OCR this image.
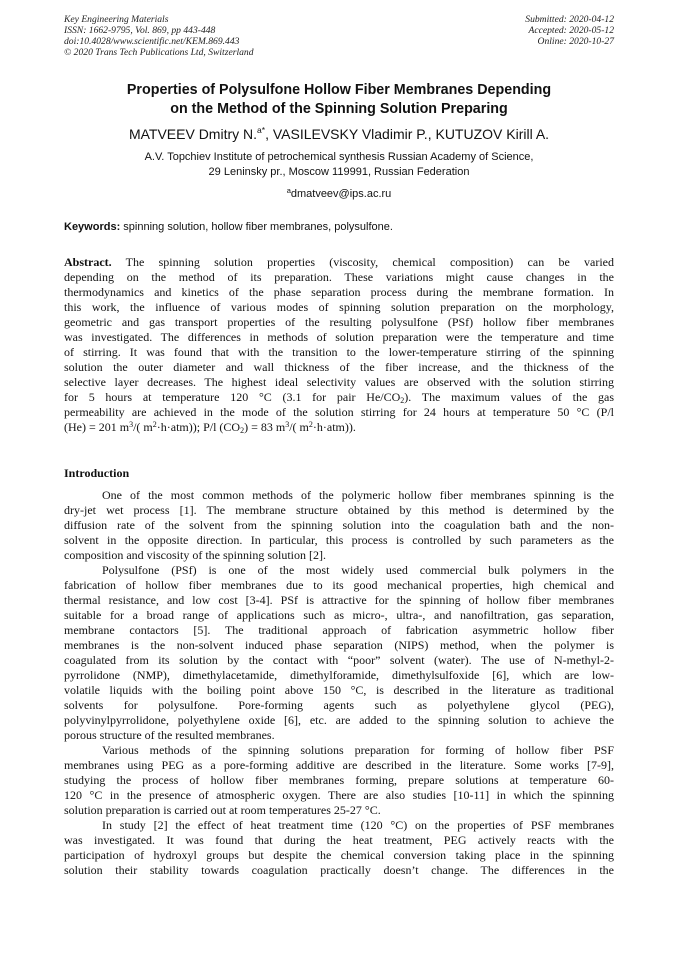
Key Engineering Materials
ISSN: 1662-9795, Vol. 869, pp 443-448
doi:10.4028/www.scientific.net/KEM.869.443
© 2020 Trans Tech Publications Ltd, Switzerland
Submitted: 2020-04-12
Accepted: 2020-05-12
Online: 2020-10-27
Properties of Polysulfone Hollow Fiber Membranes Depending
on the Method of the Spinning Solution Preparing
MATVEEV Dmitry N.$^{a*}$, VASILEVSKY Vladimir P., KUTUZOV Kirill A.
A.V. Topchiev Institute of petrochemical synthesis Russian Academy of Science,
29 Leninsky pr., Moscow 119991, Russian Federation
$^a$dmatveev@ips.ac.ru
Keywords: spinning solution, hollow fiber membranes, polysulfone.
Abstract. The spinning solution properties (viscosity, chemical composition) can be varied
depending on the method of its preparation. These variations might cause changes in the
thermodynamics and kinetics of the phase separation process during the membrane formation. In
this work, the influence of various modes of spinning solution preparation on the morphology,
geometric and gas transport properties of the resulting polysulfone (PSf) hollow fiber membranes
was investigated. The differences in methods of solution preparation were the temperature and time
of stirring. It was found that with the transition to the lower-temperature stirring of the spinning
solution the outer diameter and wall thickness of the fiber increase, and the thickness of the
selective layer decreases. The highest ideal selectivity values are observed with the solution stirring
for 5 hours at temperature 120 °C (3.1 for pair $He/CO_2$). The maximum values of the gas
permeability are achieved in the mode of the solution stirring for 24 hours at temperature 50 °C (P/l
(He) = 201 $m^3/$( $m^2\cdot h\cdot atm$)); P/l $(CO_2) = 83$ $m^3/$( $m^2\cdot h\cdot atm$)).
Introduction
One of the most common methods of the polymeric hollow fiber membranes spinning is the
dry-jet wet process [1]. The membrane structure obtained by this method is determined by the
diffusion rate of the solvent from the spinning solution into the coagulation bath and the non-
solvent in the opposite direction. In particular, this process is controlled by such parameters as the
composition and viscosity of the spinning solution [2].
Polysulfone (PSf) is one of the most widely used commercial bulk polymers in the
fabrication of hollow fiber membranes due to its good mechanical properties, high chemical and
thermal resistance, and low cost [3-4]. PSf is attractive for the spinning of hollow fiber membranes
suitable for a broad range of applications such as micro-, ultra-, and nanofiltration, gas separation,
membrane contactors [5]. The traditional approach of fabrication asymmetric hollow fiber
membranes is the non-solvent induced phase separation (NIPS) method, when the polymer is
coagulated from its solution by the contact with “poor” solvent (water). The use of N-methyl-2-
pyrrolidone (NMP), dimethylacetamide, dimethylforamide, dimethylsulfoxide [6], which are low-
volatile liquids with the boiling point above 150 °C, is described in the literature as traditional
solvents for polysulfone. Pore-forming agents such as polyethylene glycol (PEG),
polyvinylpyrrolidone, polyethylene oxide [6], etc. are added to the spinning solution to achieve the
porous structure of the resulted membranes.
Various methods of the spinning solutions preparation for forming of hollow fiber PSF
membranes using PEG as a pore-forming additive are described in the literature. Some works [7-9],
studying the process of hollow fiber membranes forming, prepare solutions at temperature 60-
120 °C in the presence of atmospheric oxygen. There are also studies [10-11] in which the spinning
solution preparation is carried out at room temperatures 25-27 °C.
In study [2] the effect of heat treatment time (120 °C) on the properties of PSF membranes
was investigated. It was found that during the heat treatment, PEG actively reacts with the
participation of hydroxyl groups but despite the chemical conversion taking place in the spinning
solution their stability towards coagulation practically doesn’t change. The differences in the
